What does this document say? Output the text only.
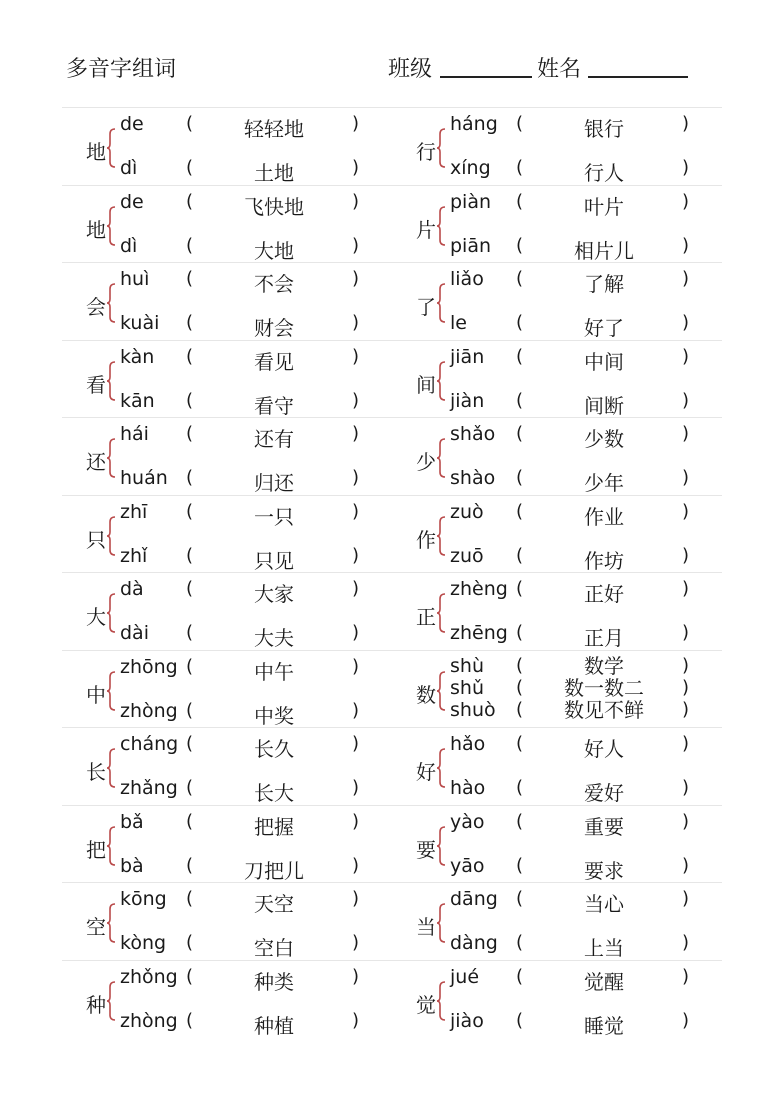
多音字组词	班级	姓名
地
de (	轻轻地	)
dì	(	土地	)
行
háng (	银行	)
xíng (	行人	)
地
de (	飞快地	)
dì	(	大地	)
片
piàn (	叶片	)
piān (	相片儿	)
会
huì (	不会	)
kuài (	财会	)
了
liǎo (	了解	)
le	(	好了	)
看
kàn (	看见	)
kān (	看守	)
间
jiān (	中间	)
jiàn (	间断	)
还
hái (	还有	)
huán (	归还	)
少
shǎo (	少数	)
shào (	少年	)
只
zhī (	一只	)
zhǐ (	只见	)
作
zuò (	作业	)
zuō (	作坊	)
大
dà (	大家	)
dài (	大夫	)
正
zhèng (	正好	)
zhēng (	正月	)
中
zhōng (	中午	)
zhòng (	中奖	)
数
shù (	数学	)
shǔ (	数一数二	)
shuò (	数见不鲜	)
长
cháng (	长久	)
zhǎng (	长大	)
好
hǎo (	好人	)
hào (	爱好	)
把
bǎ (	把握	)
bà (	刀把儿	)
要
yào (	重要	)
yāo (	要求	)
空
kōng (	天空	)
kòng (	空白	)
当
dāng (	当心	)
dàng (	上当	)
种
zhǒng (	种类	)
zhòng (	种植	)
觉
jué (	觉醒	)
jiào (	睡觉	)
